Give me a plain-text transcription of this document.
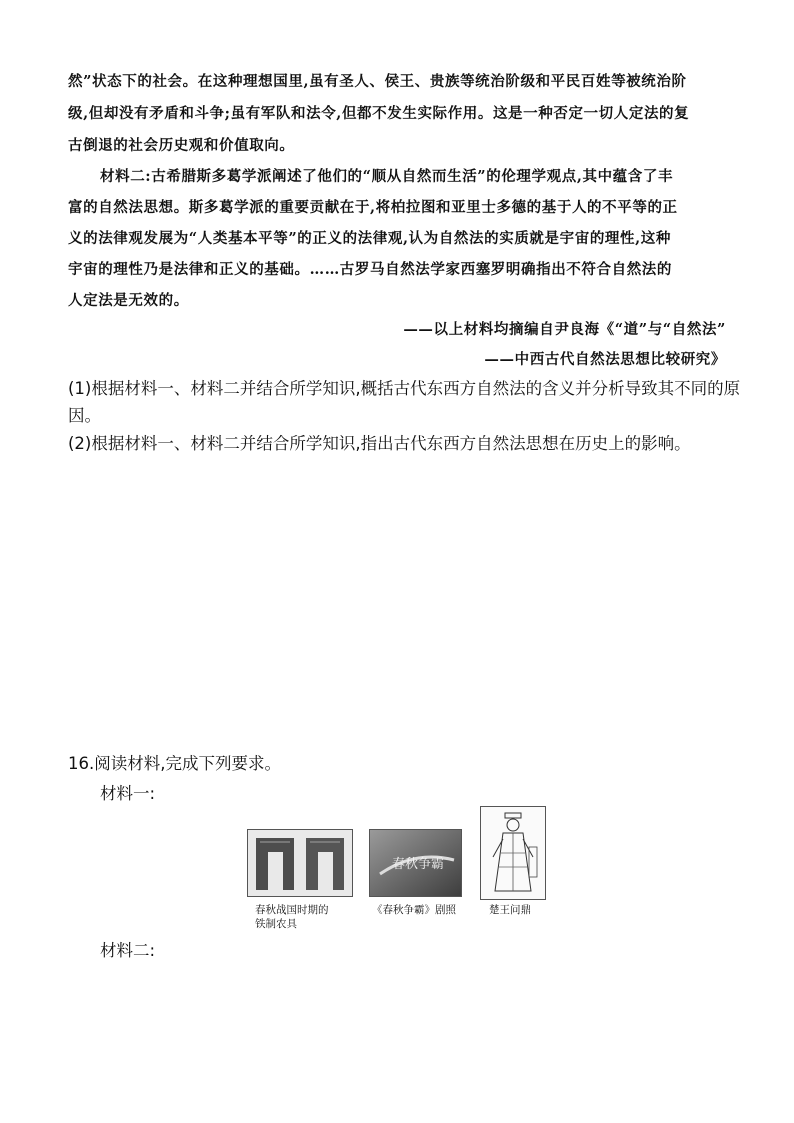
然”状态下的社会。在这种理想国里,虽有圣人、侯王、贵族等统治阶级和平民百姓等被统治阶
级,但却没有矛盾和斗争;虽有军队和法令,但都不发生实际作用。这是一种否定一切人定法的复
古倒退的社会历史观和价值取向。
材料二:古希腊斯多葛学派阐述了他们的“顺从自然而生活”的伦理学观点,其中蕴含了丰
富的自然法思想。斯多葛学派的重要贡献在于,将柏拉图和亚里士多德的基于人的不平等的正
义的法律观发展为“人类基本平等”的正义的法律观,认为自然法的实质就是宇宙的理性,这种
宇宙的理性乃是法律和正义的基础。……古罗马自然法学家西塞罗明确指出不符合自然法的
人定法是无效的。
——以上材料均摘编自尹良海《“道”与“自然法”
——中西古代自然法思想比较研究》
(1)根据材料一、材料二并结合所学知识,概括古代东西方自然法的含义并分析导致其不同的原
因。
(2)根据材料一、材料二并结合所学知识,指出古代东西方自然法思想在历史上的影响。
16.阅读材料,完成下列要求。
材料一:
春秋战国时期的
铁制农具
春秋争霸
《春秋争霸》剧照	楚王问鼎
材料二:
